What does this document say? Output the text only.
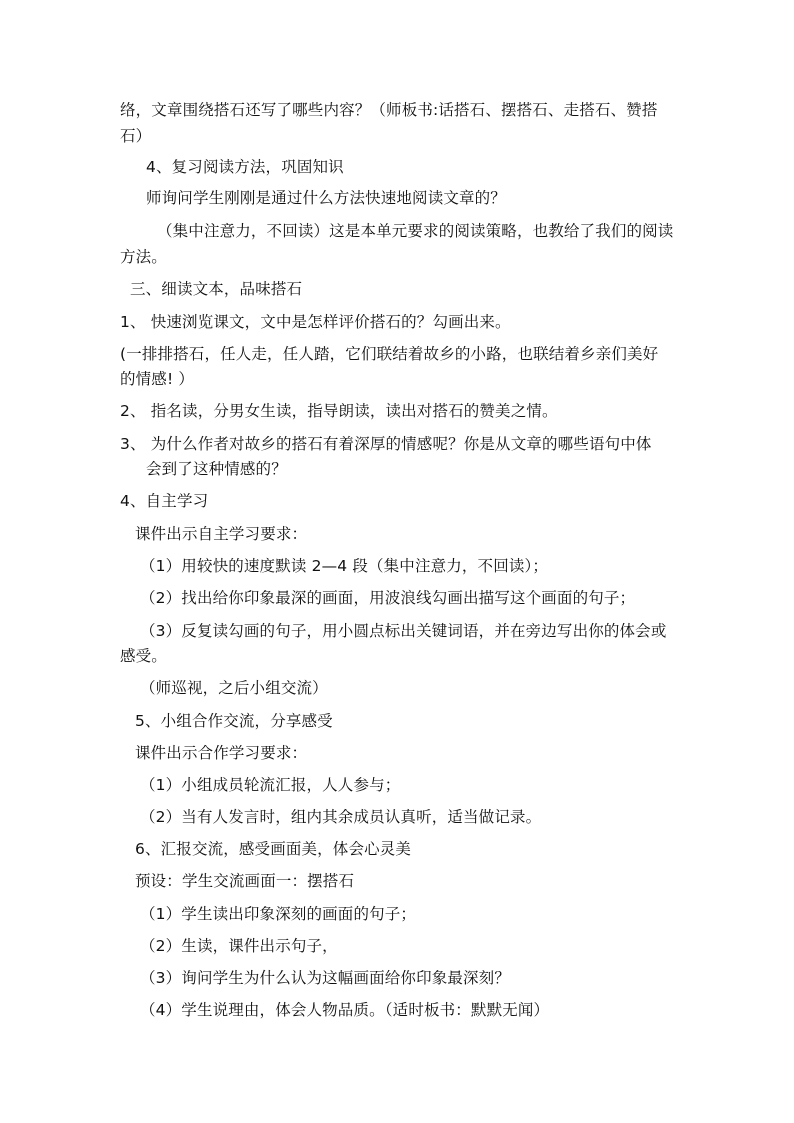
络，文章围绕搭石还写了哪些内容？（师板书:话搭石、摆搭石、走搭石、赞搭

石）

4、复习阅读方法，巩固知识

师询问学生刚刚是通过什么方法快速地阅读文章的？

（集中注意力，不回读）这是本单元要求的阅读策略，也教给了我们的阅读

方法。

三、细读文本，品味搭石

1、 快速浏览课文，文中是怎样评价搭石的？勾画出来。

(一排排搭石，任人走，任人踏，它们联结着故乡的小路，也联结着乡亲们美好

的情感! ）

2、 指名读，分男女生读，指导朗读，读出对搭石的赞美之情。

3、 为什么作者对故乡的搭石有着深厚的情感呢？你是从文章的哪些语句中体

会到了这种情感的？

4、自主学习

课件出示自主学习要求：

（1）用较快的速度默读 2—4 段（集中注意力，不回读）；

（2）找出给你印象最深的画面，用波浪线勾画出描写这个画面的句子；

（3）反复读勾画的句子，用小圆点标出关键词语，并在旁边写出你的体会或

感受。

（师巡视，之后小组交流）

5、小组合作交流，分享感受

课件出示合作学习要求：

（1）小组成员轮流汇报，人人参与；

（2）当有人发言时，组内其余成员认真听，适当做记录。

6、汇报交流，感受画面美，体会心灵美

预设：学生交流画面一：摆搭石

（1）学生读出印象深刻的画面的句子；

（2）生读，课件出示句子，

（3）询问学生为什么认为这幅画面给你印象最深刻？

（4）学生说理由，体会人物品质。（适时板书：默默无闻）
